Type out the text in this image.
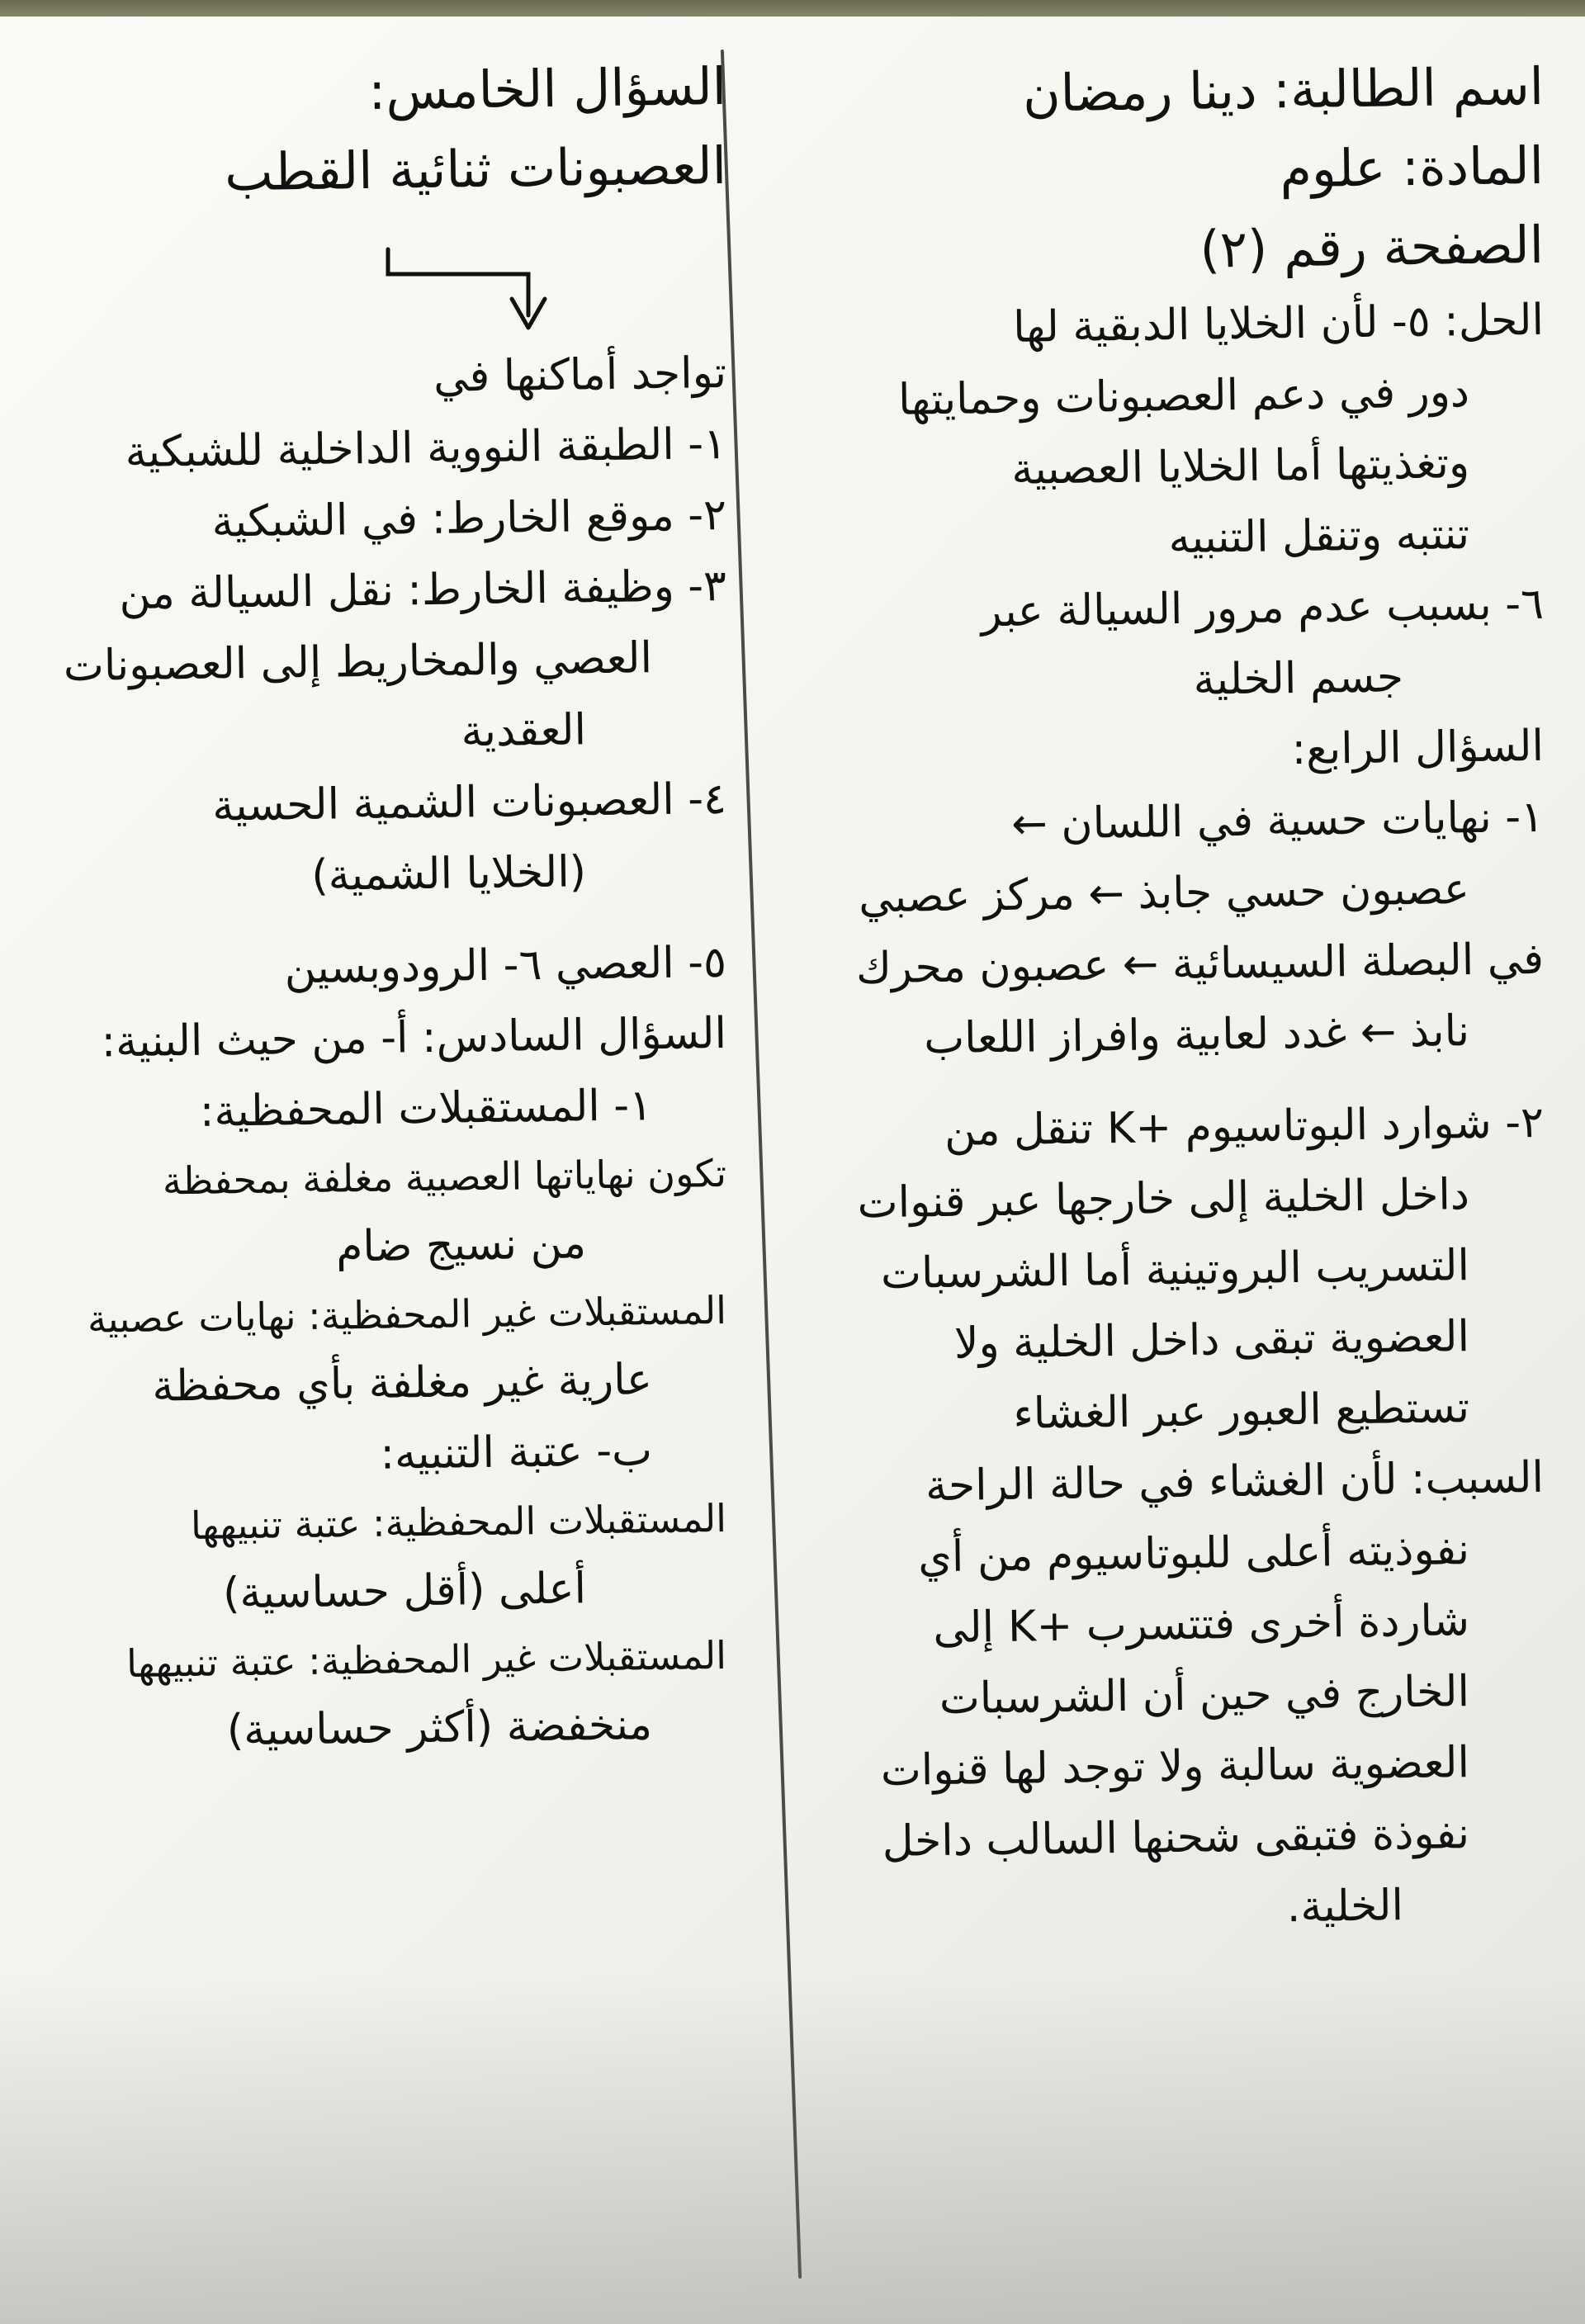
اسم الطالبة: دينا رمضان
المادة: علوم
الصفحة رقم (٢)
الحل: ٥- لأن الخلايا الدبقية لها
دور في دعم العصبونات وحمايتها
وتغذيتها أما الخلايا العصبية
تنتبه وتنقل التنبيه
٦- بسبب عدم مرور السيالة عبر
جسم الخلية
السؤال الرابع:
١- نهايات حسية في اللسان ←
عصبون حسي جابذ ← مركز عصبي
في البصلة السيسائية ← عصبون محرك
نابذ ← غدد لعابية وافراز اللعاب
٢- شوارد البوتاسيوم +K تنقل من
داخل الخلية إلى خارجها عبر قنوات
التسريب البروتينية أما الشرسبات
العضوية تبقى داخل الخلية ولا
تستطيع العبور عبر الغشاء
السبب: لأن الغشاء في حالة الراحة
نفوذيته أعلى للبوتاسيوم من أي
شاردة أخرى فتتسرب +K إلى
الخارج في حين أن الشرسبات
العضوية سالبة ولا توجد لها قنوات
نفوذة فتبقى شحنها السالب داخل
الخلية.
السؤال الخامس:
العصبونات ثنائية القطب
تواجد أماكنها في
١- الطبقة النووية الداخلية للشبكية
٢- موقع الخارط: في الشبكية
٣- وظيفة الخارط: نقل السيالة من
العصي والمخاريط إلى العصبونات
العقدية
٤- العصبونات الشمية الحسية
(الخلايا الشمية)
٥- العصي ٦- الرودوبسين
السؤال السادس: أ- من حيث البنية:
١- المستقبلات المحفظية:
تكون نهاياتها العصبية مغلفة بمحفظة
من نسيج ضام
المستقبلات غير المحفظية: نهايات عصبية
عارية غير مغلفة بأي محفظة
ب- عتبة التنبيه:
المستقبلات المحفظية: عتبة تنبيهها
أعلى (أقل حساسية)
المستقبلات غير المحفظية: عتبة تنبيهها
منخفضة (أكثر حساسية)
